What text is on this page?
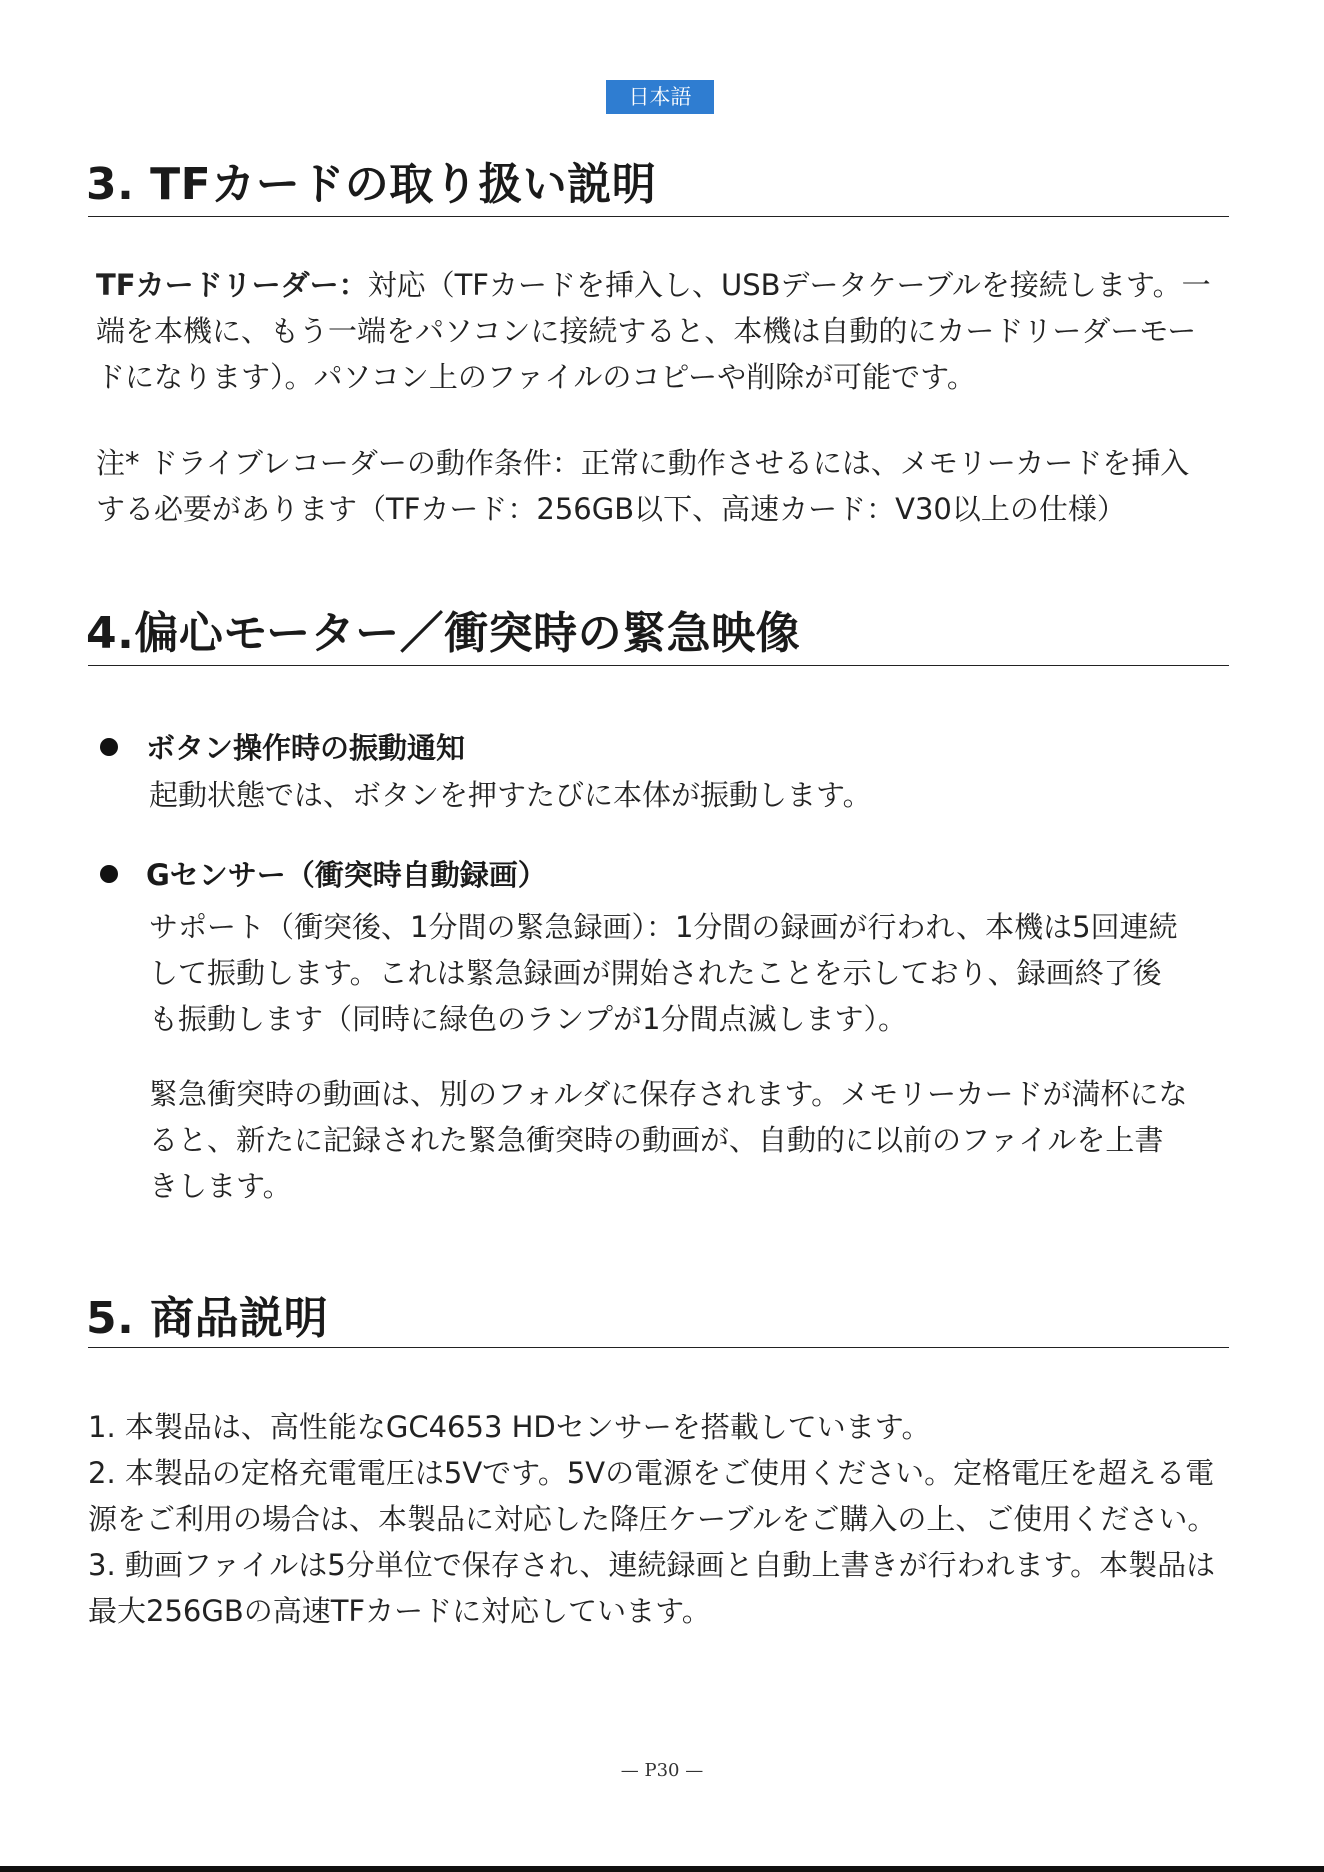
日本語
3. TFカードの取り扱い説明

TFカードリーダー：対応（TFカードを挿入し、USBデータケーブルを接続します。一端を本機に、もう一端をパソコンに接続すると、本機は自動的にカードリーダーモードになります）。パソコン上のファイルのコピーや削除が可能です。

注* ドライブレコーダーの動作条件：正常に動作させるには、メモリーカードを挿入する必要があります（TFカード：256GB以下、高速カード：V30以上の仕様）

4.偏心モーター／衝突時の緊急映像

ボタン操作時の振動通知

起動状態では、ボタンを押すたびに本体が振動します。

Gセンサー（衝突時自動録画）

サポート（衝突後、1分間の緊急録画）：1分間の録画が行われ、本機は5回連続して振動します。これは緊急録画が開始されたことを示しており、録画終了後も振動します（同時に緑色のランプが1分間点滅します）。

緊急衝突時の動画は、別のフォルダに保存されます。メモリーカードが満杯になると、新たに記録された緊急衝突時の動画が、自動的に以前のファイルを上書きします。

5. 商品説明

1. 本製品は、高性能なGC4653 HDセンサーを搭載しています。
2. 本製品の定格充電電圧は5Vです。5Vの電源をご使用ください。定格電圧を超える電源をご利用の場合は、本製品に対応した降圧ケーブルをご購入の上、ご使用ください。
3. 動画ファイルは5分単位で保存され、連続録画と自動上書きが行われます。本製品は最大256GBの高速TFカードに対応しています。

— P30 —
